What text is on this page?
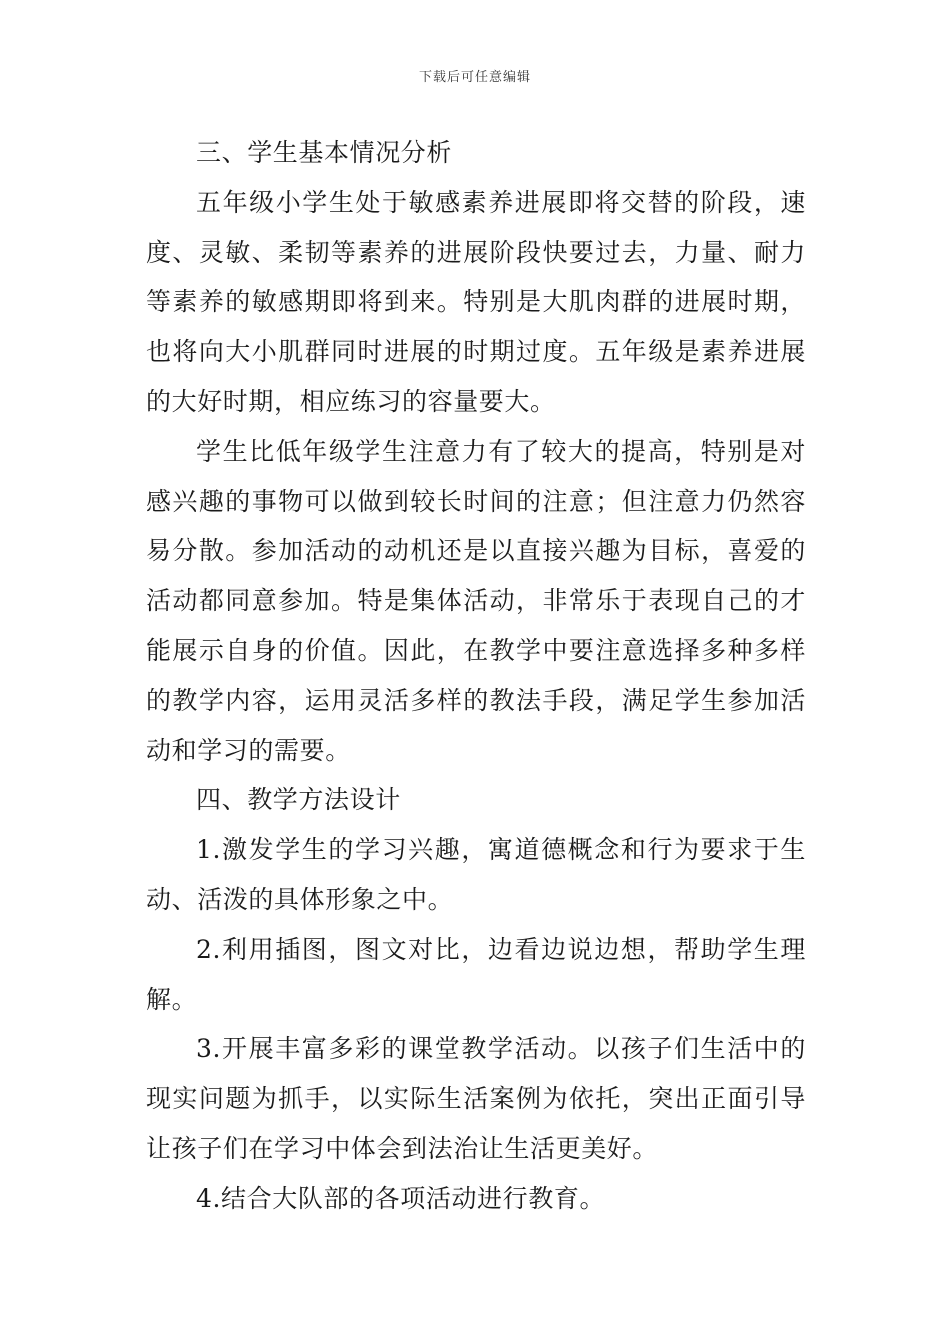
下载后可任意编辑

三、学生基本情况分析

五年级小学生处于敏感素养进展即将交替的阶段，速度、灵敏、柔韧等素养的进展阶段快要过去，力量、耐力等素养的敏感期即将到来。特别是大肌肉群的进展时期，也将向大小肌群同时进展的时期过度。五年级是素养进展的大好时期，相应练习的容量要大。

学生比低年级学生注意力有了较大的提高，特别是对感兴趣的事物可以做到较长时间的注意；但注意力仍然容易分散。参加活动的动机还是以直接兴趣为目标，喜爱的活动都同意参加。特是集体活动，非常乐于表现自己的才能展示自身的价值。因此，在教学中要注意选择多种多样的教学内容，运用灵活多样的教法手段，满足学生参加活动和学习的需要。

四、教学方法设计

1.激发学生的学习兴趣，寓道德概念和行为要求于生动、活泼的具体形象之中。

2.利用插图，图文对比，边看边说边想，帮助学生理解。

3.开展丰富多彩的课堂教学活动。以孩子们生活中的现实问题为抓手，以实际生活案例为依托，突出正面引导让孩子们在学习中体会到法治让生活更美好。

4.结合大队部的各项活动进行教育。
